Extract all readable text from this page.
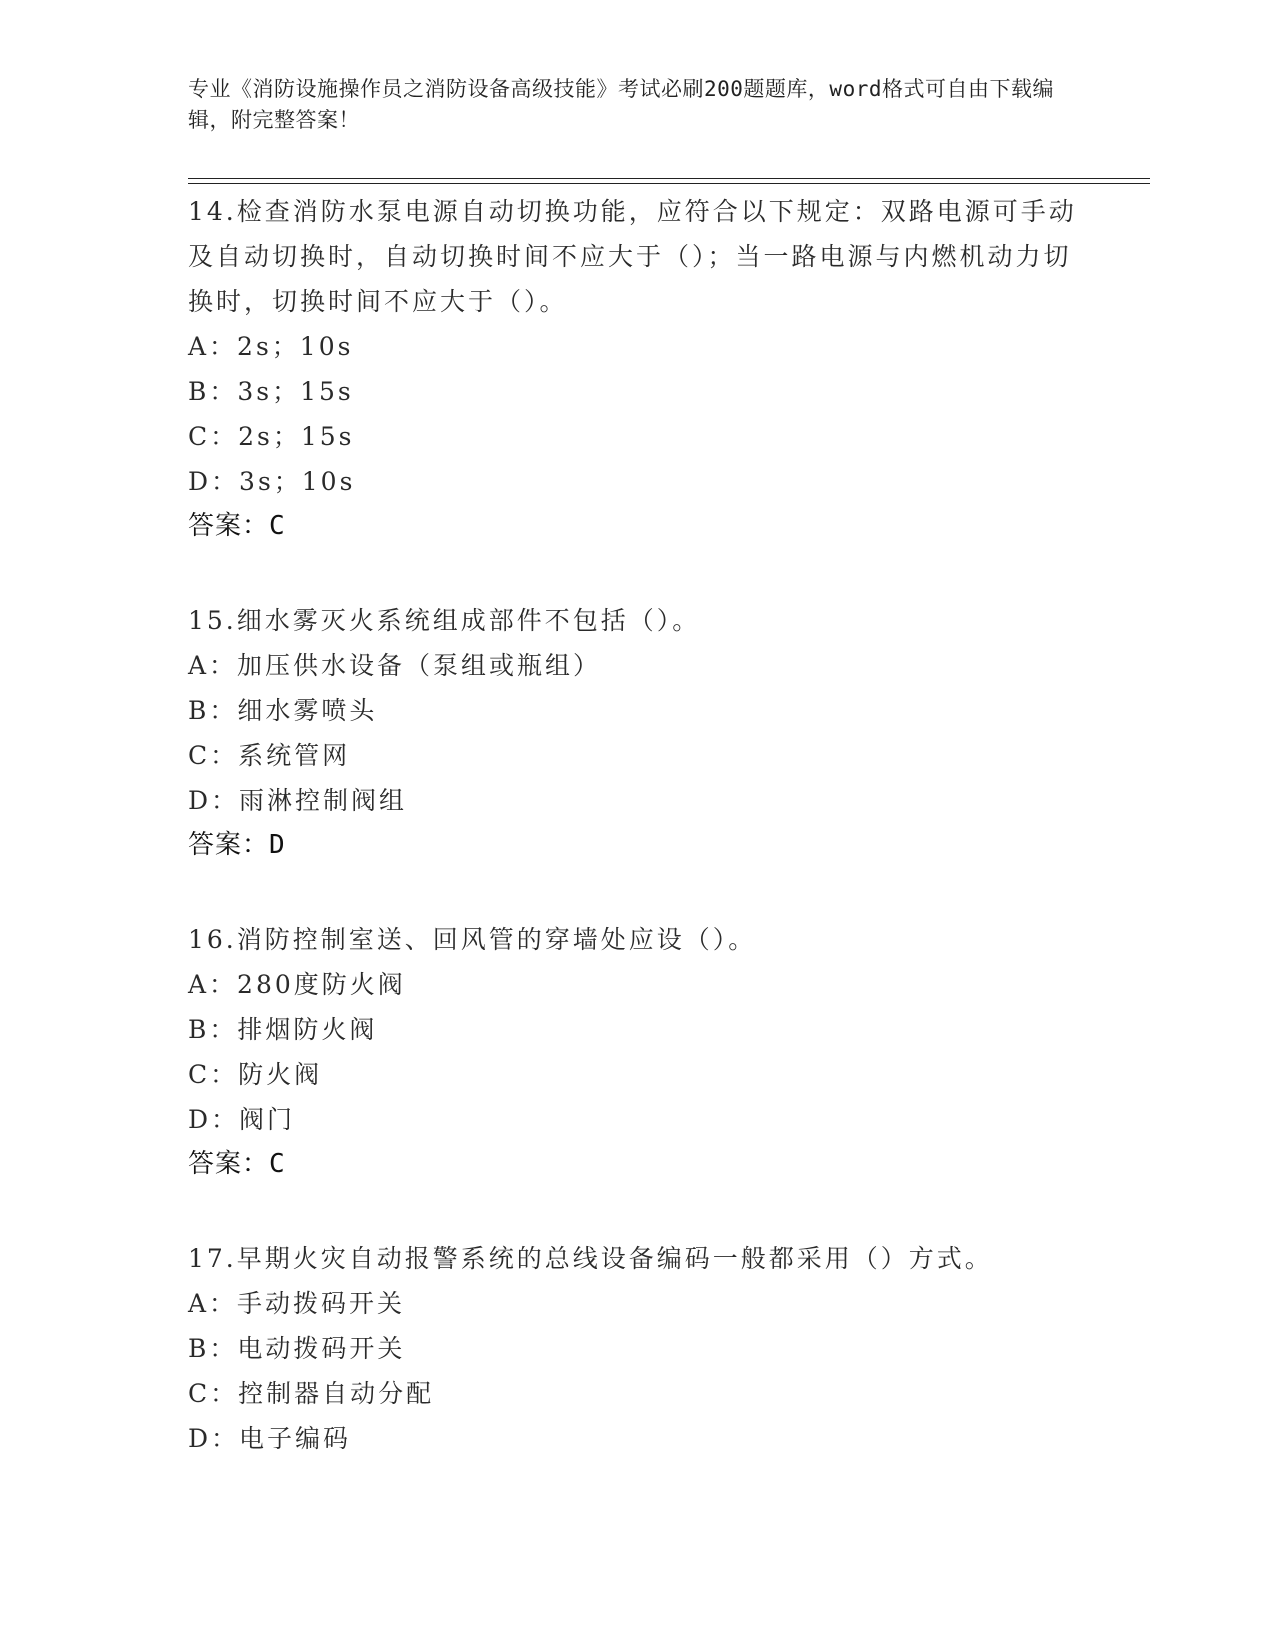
专业《消防设施操作员之消防设备高级技能》考试必刷200题题库，word格式可自由下载编辑，附完整答案！

14.检查消防水泵电源自动切换功能，应符合以下规定：双路电源可手动及自动切换时，自动切换时间不应大于（）；当一路电源与内燃机动力切换时，切换时间不应大于（）。

A：2s；10s
B：3s；15s
C：2s；15s
D：3s；10s
答案：C

15.细水雾灭火系统组成部件不包括（）。

A：加压供水设备（泵组或瓶组）
B：细水雾喷头
C：系统管网
D：雨淋控制阀组
答案：D

16.消防控制室送、回风管的穿墙处应设（）。

A：280度防火阀
B：排烟防火阀
C：防火阀
D：阀门
答案：C

17.早期火灾自动报警系统的总线设备编码一般都采用（）方式。

A：手动拨码开关
B：电动拨码开关
C：控制器自动分配
D：电子编码
